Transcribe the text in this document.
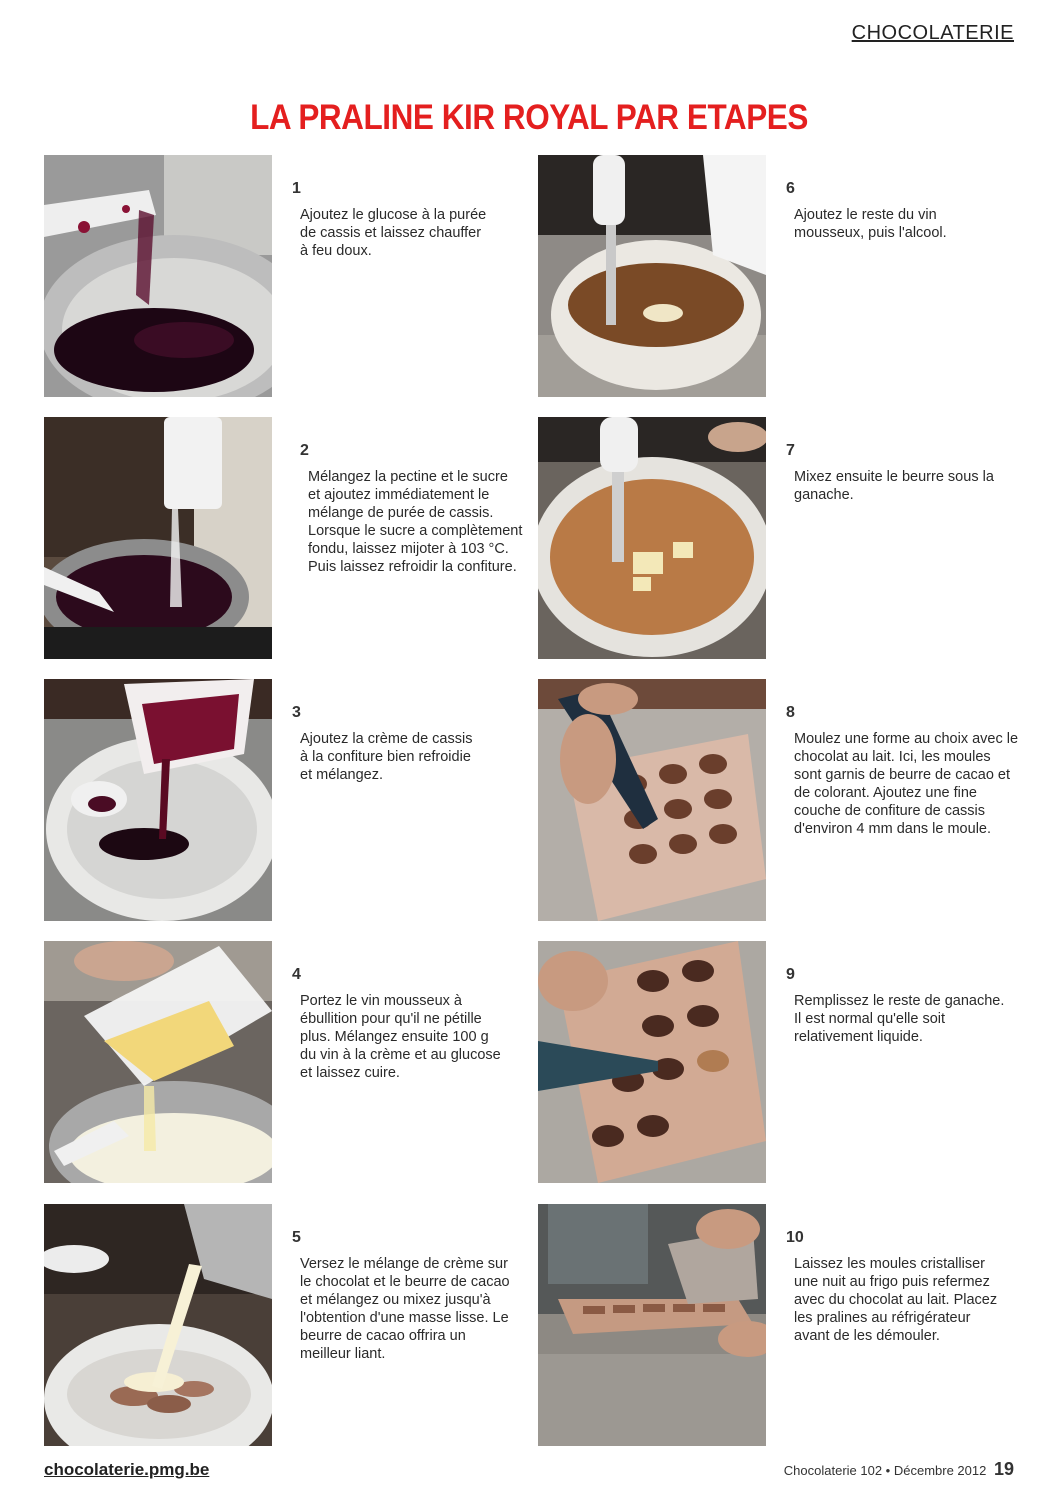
CHOCOLATERIE
LA PRALINE KIR ROYAL PAR ETAPES
1
Ajoutez le glucose à la purée de cassis et laissez chauffer à feu doux.
2
Mélangez la pectine et le sucre et ajoutez immédiatement le mélange de purée de cassis. Lorsque le sucre a complètement fondu, laissez mijoter à 103 °C. Puis laissez refroidir la confiture.
3
Ajoutez la crème de cassis à la confiture bien refroidie et mélangez.
4
Portez le vin mousseux à ébullition pour qu'il ne pétille plus. Mélangez ensuite 100 g du vin à la crème et au glucose et laissez cuire.
5
Versez le mélange de crème sur le chocolat et le beurre de cacao et mélangez ou mixez jusqu'à l'obtention d'une masse lisse. Le beurre de cacao offrira un meilleur liant.
6
Ajoutez le reste du vin mousseux, puis l'alcool.
7
Mixez ensuite le beurre sous la ganache.
8
Moulez une forme au choix avec le chocolat au lait. Ici, les moules sont garnis de beurre de cacao et de colorant. Ajoutez une fine couche de confiture de cassis d'environ 4 mm dans le moule.
9
Remplissez le reste de ganache. Il est normal qu'elle soit relativement liquide.
10
Laissez les moules cristalliser une nuit au frigo puis refermez avec du chocolat au lait. Placez les pralines au réfrigérateur avant de les démouler.
chocolaterie.pmg.be	Chocolaterie 102 • Décembre 2012 19
